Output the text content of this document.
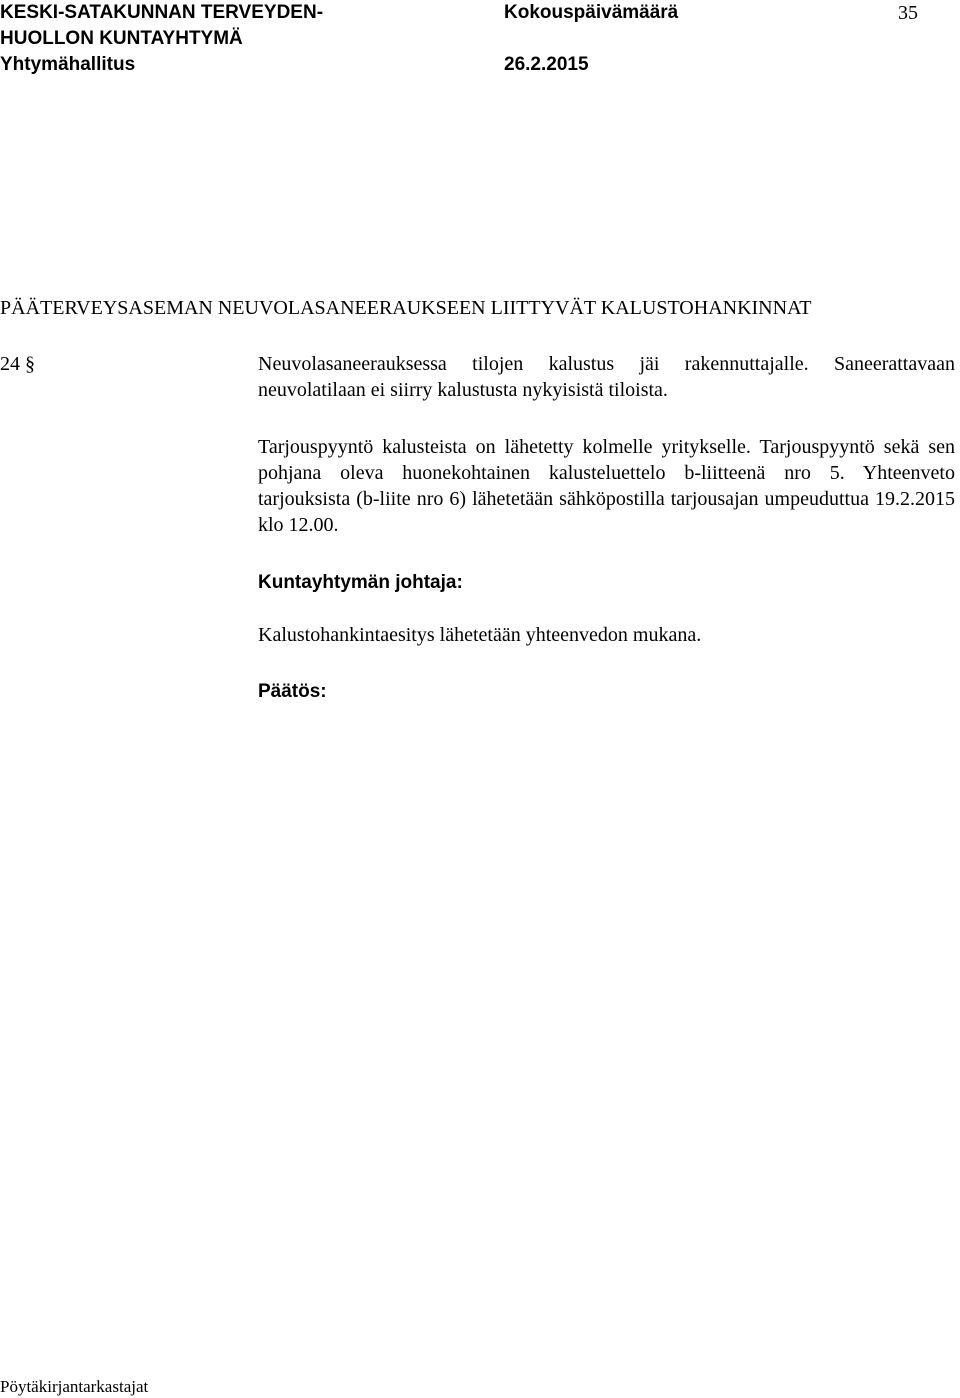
KESKI-SATAKUNNAN TERVEYDEN-
HUOLLON KUNTAYHTYMÄ
Yhtymähallitus
Kokouspäivämäärä
26.2.2015
35
PÄÄTERVEYSASEMAN NEUVOLASANEERAUKSEEN LIITTYVÄT KALUSTOHANKINNAT
24 §	Neuvolasaneerauksessa tilojen kalustus jäi rakennuttajalle. Saneerattavaan neuvolatilaan ei siirry kalustusta nykyisistä tiloista.
Tarjouspyyntö kalusteista on lähetetty kolmelle yritykselle. Tarjouspyyntö sekä sen pohjana oleva huonekohtainen kalusteluettelo b-liitteenä nro 5. Yhteenveto tarjouksista (b-liite nro 6) lähetetään sähköpostilla tarjousajan umpeuduttua 19.2.2015 klo 12.00.
Kuntayhtymän johtaja:
Kalustohankintaesitys lähetetään yhteenvedon mukana.
Päätös:
Pöytäkirjantarkastajat
